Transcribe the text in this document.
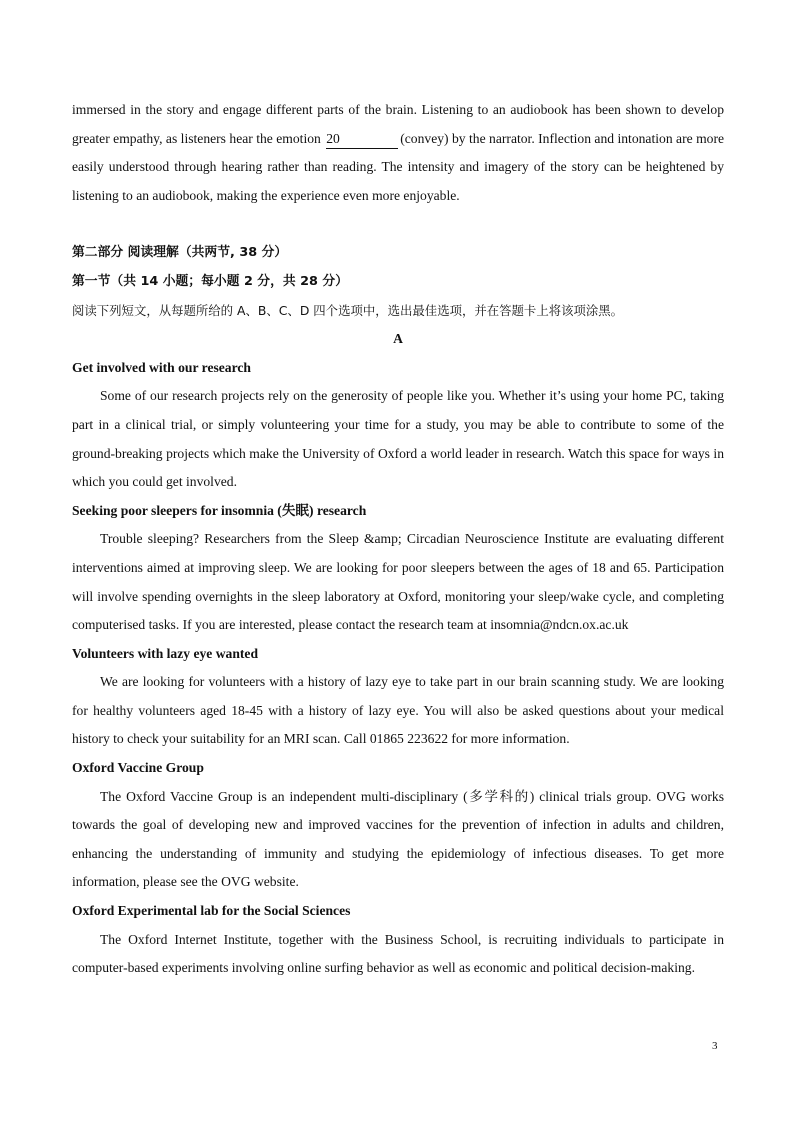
immersed in the story and engage different parts of the brain. Listening to an audiobook has been shown to develop greater empathy, as listeners hear the emotion 20	(convey) by the narrator. Inflection and intonation are more easily understood through hearing rather than reading. The intensity and imagery of the story can be heightened by listening to an audiobook, making the experience even more enjoyable.

第二部分 阅读理解（共两节, 38 分）

第一节（共 14 小题；每小题 2 分，共 28 分）

阅读下列短文，从每题所给的 A、B、C、D 四个选项中，选出最佳选项，并在答题卡上将该项涂黑。

A

Get involved with our research

Some of our research projects rely on the generosity of people like you. Whether it’s using your home PC, taking part in a clinical trial, or simply volunteering your time for a study, you may be able to contribute to some of the ground-breaking projects which make the University of Oxford a world leader in research. Watch this space for ways in which you could get involved.

Seeking poor sleepers for insomnia (失眠) research

Trouble sleeping? Researchers from the Sleep &amp; Circadian Neuroscience Institute are evaluating different interventions aimed at improving sleep. We are looking for poor sleepers between the ages of 18 and 65. Participation will involve spending overnights in the sleep laboratory at Oxford, monitoring your sleep/wake cycle, and completing computerised tasks. If you are interested, please contact the research team at insomnia@ndcn.ox.ac.uk

Volunteers with lazy eye wanted

We are looking for volunteers with a history of lazy eye to take part in our brain scanning study. We are looking for healthy volunteers aged 18-45 with a history of lazy eye. You will also be asked questions about your medical history to check your suitability for an MRI scan. Call 01865 223622 for more information.

Oxford Vaccine Group

The Oxford Vaccine Group is an independent multi-disciplinary (多学科的) clinical trials group. OVG works towards the goal of developing new and improved vaccines for the prevention of infection in adults and children, enhancing the understanding of immunity and studying the epidemiology of infectious diseases. To get more information, please see the OVG website.

Oxford Experimental lab for the Social Sciences

The Oxford Internet Institute, together with the Business School, is recruiting individuals to participate in computer-based experiments involving online surfing behavior as well as economic and political decision-making.

3
